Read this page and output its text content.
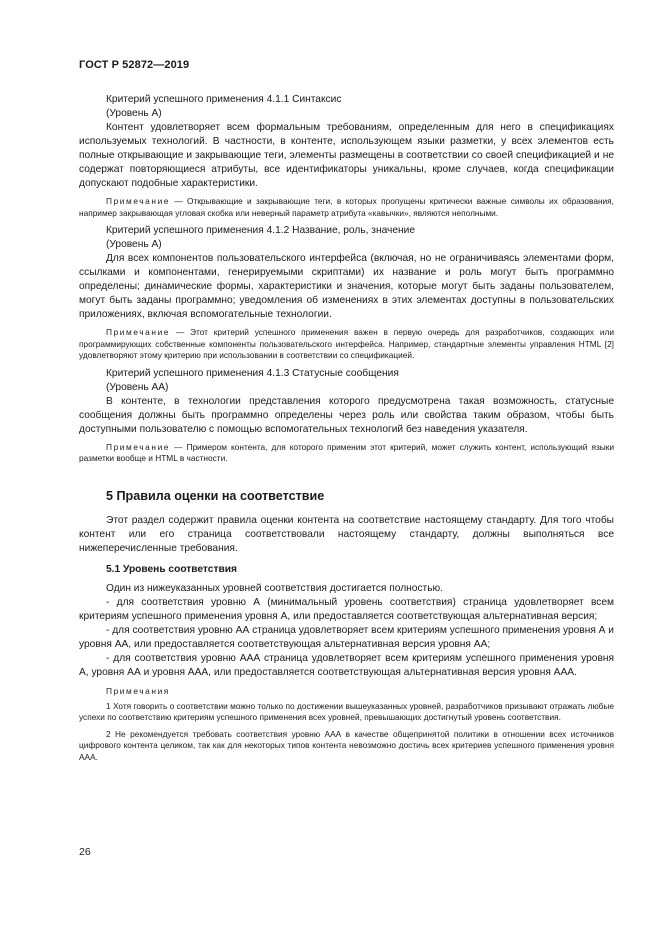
ГОСТ Р 52872—2019

Критерий успешного применения 4.1.1 Синтаксис

(Уровень А)

Контент удовлетворяет всем формальным требованиям, определенным для него в спецификациях используемых технологий. В частности, в контенте, использующем языки разметки, у всех элементов есть полные открывающие и закрывающие теги, элементы размещены в соответствии со своей спецификацией и не содержат повторяющиеся атрибуты, все идентификаторы уникальны, кроме случаев, когда спецификации допускают подобные характеристики.

Примечание — Открывающие и закрывающие теги, в которых пропущены критически важные символы их образования, например закрывающая угловая скобка или неверный параметр атрибута «кавычки», являются неполными.

Критерий успешного применения 4.1.2 Название, роль, значение

(Уровень А)

Для всех компонентов пользовательского интерфейса (включая, но не ограничиваясь элементами форм, ссылками и компонентами, генерируемыми скриптами) их название и роль могут быть программно определены; динамические формы, характеристики и значения, которые могут быть заданы пользователем, могут быть заданы программно; уведомления об изменениях в этих элементах доступны в пользовательских приложениях, включая вспомогательные технологии.

Примечание — Этот критерий успешного применения важен в первую очередь для разработчиков, создающих или программирующих собственные компоненты пользовательского интерфейса. Например, стандартные элементы управления HTML [2] удовлетворяют этому критерию при использовании в соответствии со спецификацией.

Критерий успешного применения 4.1.3 Статусные сообщения

(Уровень АА)

В контенте, в технологии представления которого предусмотрена такая возможность, статусные сообщения должны быть программно определены через роль или свойства таким образом, чтобы быть доступными пользователю с помощью вспомогательных технологий без наведения указателя.

Примечание — Примером контента, для которого применим этот критерий, может служить контент, использующий языки разметки вообще и HTML в частности.

5 Правила оценки на соответствие

Этот раздел содержит правила оценки контента на соответствие настоящему стандарту. Для того чтобы контент или его страница соответствовали настоящему стандарту, должны выполняться все нижеперечисленные требования.

5.1 Уровень соответствия

Один из нижеуказанных уровней соответствия достигается полностью.

- для соответствия уровню А (минимальный уровень соответствия) страница удовлетворяет всем критериям успешного применения уровня А, или предоставляется соответствующая альтернативная версия;

- для соответствия уровню АА страница удовлетворяет всем критериям успешного применения уровня А и уровня АА, или предоставляется соответствующая альтернативная версия уровня АА;

- для соответствия уровню ААА страница удовлетворяет всем критериям успешного применения уровня А, уровня АА и уровня ААА, или предоставляется соответствующая альтернативная версия уровня ААА.

Примечания

1 Хотя говорить о соответствии можно только по достижении вышеуказанных уровней, разработчиков призывают отражать любые успехи по соответствию критериям успешного применения всех уровней, превышающих достигнутый уровень соответствия.

2 Не рекомендуется требовать соответствия уровню ААА в качестве общепринятой политики в отношении всех источников цифрового контента целиком, так как для некоторых типов контента невозможно достичь всех критериев успешного применения уровня ААА.

26
